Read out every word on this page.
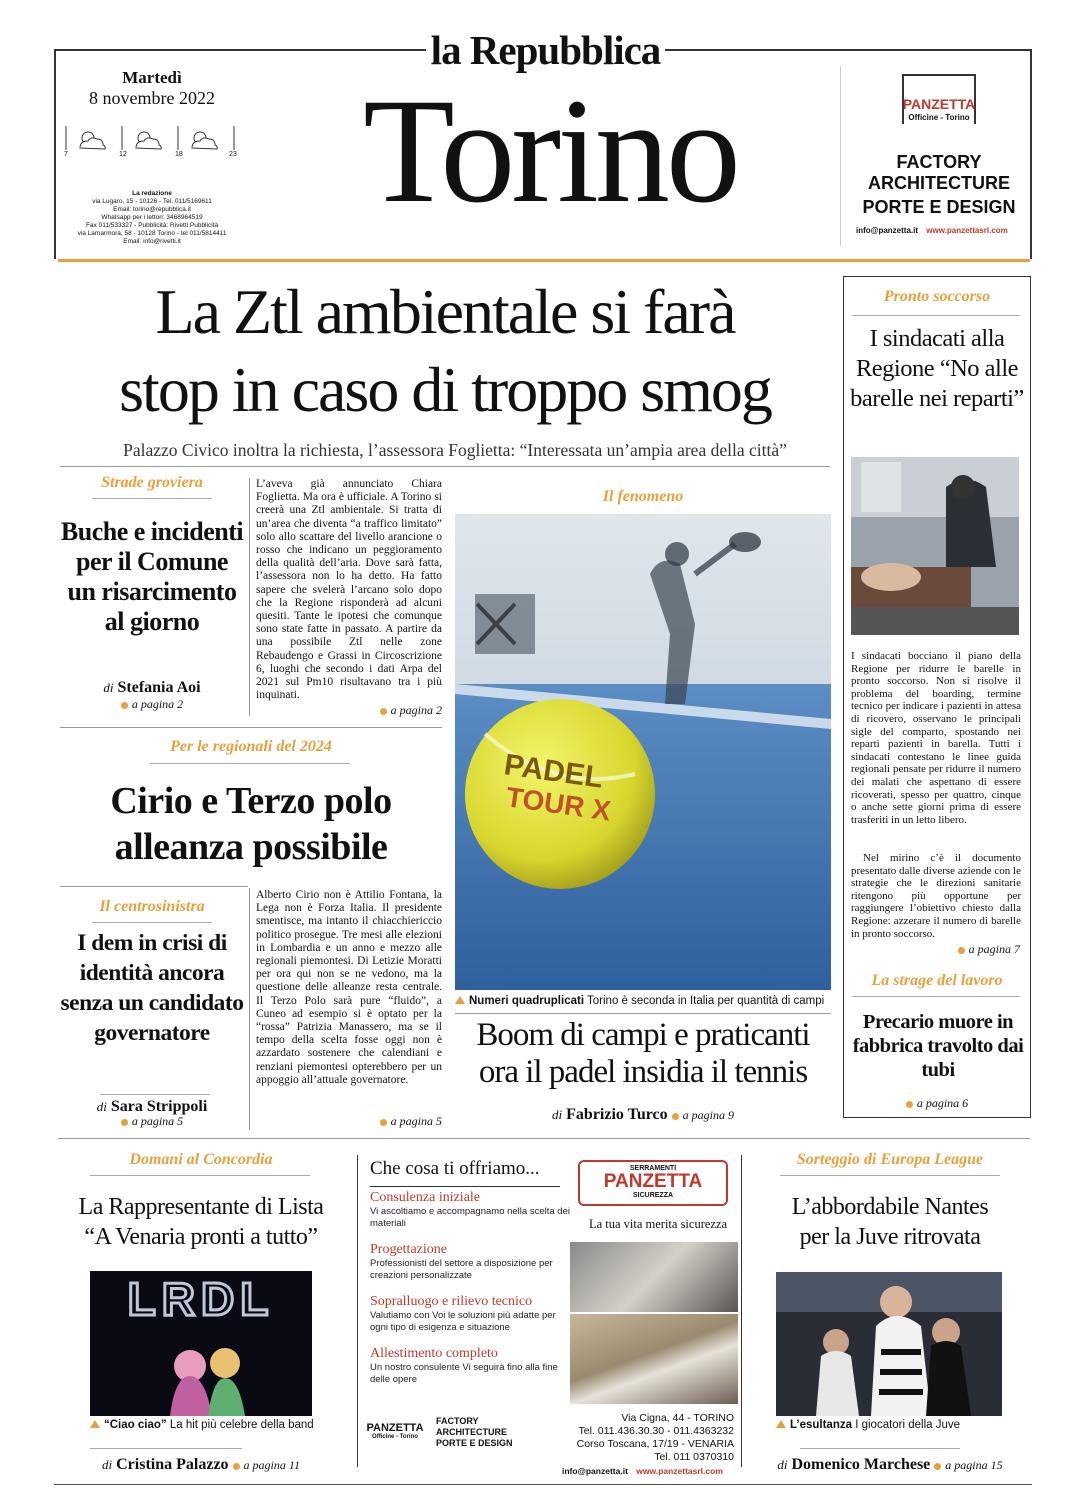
la Repubblica
Martedì
8 novembre 2022
7	12	18	23
La redazione
via Lugaro, 15 - 10126 - Tel. 011/5169611
Email: torino@repubblica.it
Whatsapp per i lettori: 3468964519
Fax 011/533327 - Pubblicità: Rivetti Pubblicità
via Lamarmora, 58 - 10128 Torino - tel 011/5814411
Email: info@rivetti.it
Torino	PANZETTA
Officine - Torino
FACTORY
ARCHITECTURE
PORTE E DESIGN
info@panzetta.it www.panzettasrl.com
La Ztl ambientale si farà
stop in caso di troppo smog
Palazzo Civico inoltra la richiesta, l’assessora Foglietta: “Interessata un’ampia area della città”
Strade groviera
Buche e incidenti per il Comune un risarcimento al giorno
di Stefania Aoi
a pagina 2
L’aveva già annunciato Chiara Foglietta. Ma ora è ufficiale. A Torino si creerà una Ztl ambientale. Si tratta di un’area che diventa “a traffico limitato” solo allo scattare del livello arancione o rosso che indicano un peggioramento della qualità dell’aria. Dove sarà fatta, l’assessora non lo ha detto. Ha fatto sapere che svelerà l’arcano solo dopo che la Regione risponderà ad alcuni quesiti. Tante le ipotesi che comunque sono state fatte in passato. A partire da una possibile Ztl nelle zone Rebaudengo e Grassi in Circoscrizione 6, luoghi che secondo i dati Arpa del 2021 sul Pm10 risultavano tra i più inquinati.
a pagina 2
Per le regionali del 2024
Cirio e Terzo polo
alleanza possibile
Il centrosinistra
I dem in crisi di identità ancora senza un candidato governatore
di Sara Strippoli
a pagina 5
Alberto Cirio non è Attilio Fontana, la Lega non è Forza Italia. Il presidente smentisce, ma intanto il chiacchiericcio politico prosegue. Tre mesi alle elezioni in Lombardia e un anno e mezzo alle regionali piemontesi. Di Letizie Moratti per ora qui non se ne vedono, ma la questione delle alleanze resta centrale. Il Terzo Polo sarà pure “fluido”, a Cuneo ad esempio si è optato per la “rossa” Patrizia Manassero, ma se il tempo della scelta fosse oggi non è azzardato sostenere che calendiani e renziani piemontesi opterebbero per un appoggio all’attuale governatore.
a pagina 5
Il fenomeno
PADEL
TOUR X
Numeri quadruplicati Torino è seconda in Italia per quantità di campi
Boom di campi e praticanti
ora il padel insidia il tennis
di Fabrizio Turco a pagina 9
Pronto soccorso
I sindacati alla Regione “No alle barelle nei reparti”
I sindacati bocciano il piano della Regione per ridurre le barelle in pronto soccorso. Non si risolve il problema del boarding, termine tecnico per indicare i pazienti in attesa di ricovero, osservano le principali sigle del comparto, spostando nei reparti pazienti in barella. Tutti i sindacati contestano le linee guida regionali pensate per ridurre il numero dei malati che aspettano di essere ricoverati, spesso per quattro, cinque o anche sette giorni prima di essere trasferiti in un letto libero.
Nel mirino c’è il documento presentato dalle diverse aziende con le strategie che le direzioni sanitarie ritengono più opportune per raggiungere l’obiettivo chiesto dalla Regione: azzerare il numero di barelle in pronto soccorso.
a pagina 7
La strage del lavoro
Precario muore in fabbrica travolto dai tubi
a pagina 6
Domani al Concordia
La Rappresentante di Lista
“A Venaria pronti a tutto”
LRDL
“Ciao ciao” La hit più celebre della band
di Cristina Palazzo a pagina 11
Che cosa ti offriamo...
Consulenza iniziale
Vi ascoltiamo e accompagnamo nella scelta dei materiali
Progettazione
Professionisti del settore a disposizione per creazioni personalizzate
Sopralluogo e rilievo tecnico
Valutiamo con Voi le soluzioni più adatte per ogni tipo di esigenza e situazione
Allestimento completo
Un nostro consulente Vi seguirà fino alla fine delle opere
SERRAMENTI
PANZETTA
SICUREZZA
La tua vita merita sicurezza
PANZETTA
Officine - Torino
FACTORY
ARCHITECTURE
PORTE E DESIGN
Via Cigna, 44 - TORINO
Tel. 011.436.30.30 - 011.4363232
Corso Toscana, 17/19 - VENARIA
Tel. 011 0370310
info@panzetta.it www.panzettasrl.com
Sorteggio di Europa League
L’abbordabile Nantes
per la Juve ritrovata
L’esultanza I giocatori della Juve
di Domenico Marchese a pagina 15
